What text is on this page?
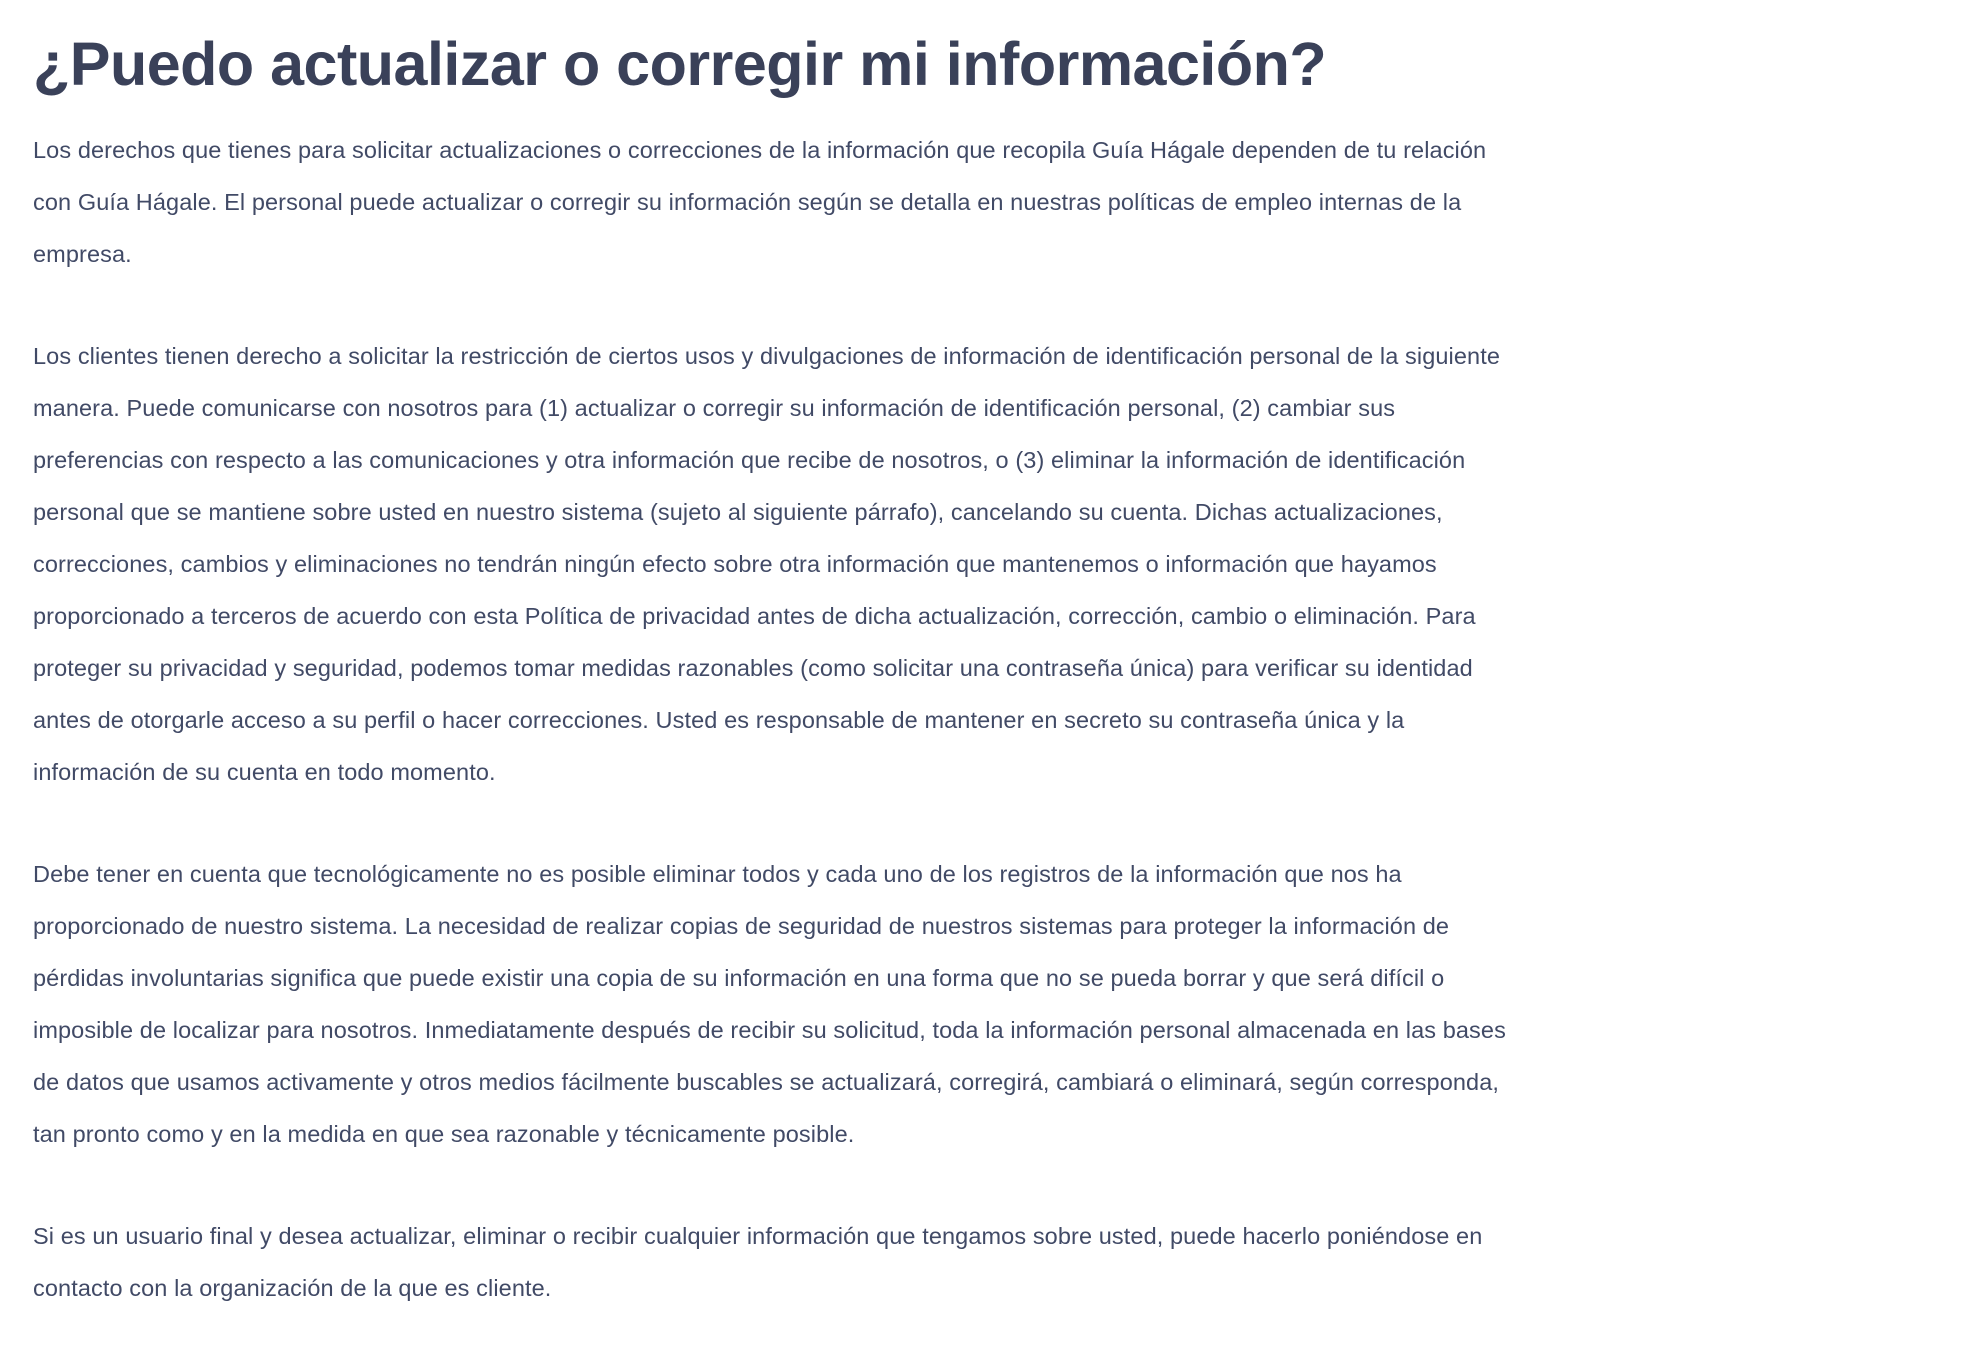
¿Puedo actualizar o corregir mi información?

Los derechos que tienes para solicitar actualizaciones o correcciones de la información que recopila Guía Hágale dependen de tu relación con Guía Hágale. El personal puede actualizar o corregir su información según se detalla en nuestras políticas de empleo internas de la empresa.

Los clientes tienen derecho a solicitar la restricción de ciertos usos y divulgaciones de información de identificación personal de la siguiente manera. Puede comunicarse con nosotros para (1) actualizar o corregir su información de identificación personal, (2) cambiar sus preferencias con respecto a las comunicaciones y otra información que recibe de nosotros, o (3) eliminar la información de identificación personal que se mantiene sobre usted en nuestro sistema (sujeto al siguiente párrafo), cancelando su cuenta. Dichas actualizaciones, correcciones, cambios y eliminaciones no tendrán ningún efecto sobre otra información que mantenemos o información que hayamos proporcionado a terceros de acuerdo con esta Política de privacidad antes de dicha actualización, corrección, cambio o eliminación. Para proteger su privacidad y seguridad, podemos tomar medidas razonables (como solicitar una contraseña única) para verificar su identidad antes de otorgarle acceso a su perfil o hacer correcciones. Usted es responsable de mantener en secreto su contraseña única y la información de su cuenta en todo momento.

Debe tener en cuenta que tecnológicamente no es posible eliminar todos y cada uno de los registros de la información que nos ha proporcionado de nuestro sistema. La necesidad de realizar copias de seguridad de nuestros sistemas para proteger la información de pérdidas involuntarias significa que puede existir una copia de su información en una forma que no se pueda borrar y que será difícil o imposible de localizar para nosotros. Inmediatamente después de recibir su solicitud, toda la información personal almacenada en las bases de datos que usamos activamente y otros medios fácilmente buscables se actualizará, corregirá, cambiará o eliminará, según corresponda, tan pronto como y en la medida en que sea razonable y técnicamente posible.

Si es un usuario final y desea actualizar, eliminar o recibir cualquier información que tengamos sobre usted, puede hacerlo poniéndose en contacto con la organización de la que es cliente.
